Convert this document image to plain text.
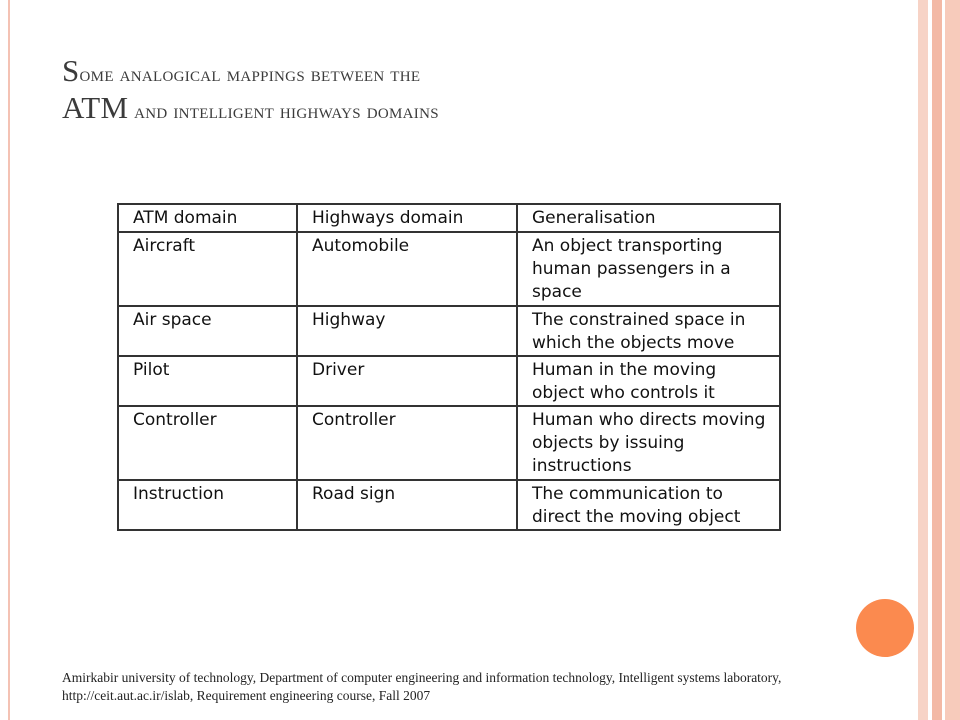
Some analogical mappings between the
ATM and intelligent highways domains
ATM domain	Highways domain	Generalisation
Aircraft	Automobile	An object transporting human passengers in a space
Air space	Highway	The constrained space in which the objects move
Pilot	Driver	Human in the moving object who controls it
Controller	Controller	Human who directs moving objects by issuing instructions
Instruction	Road sign	The communication to direct the moving object

Amirkabir university of technology, Department of computer engineering and information technology, Intelligent systems laboratory, http://ceit.aut.ac.ir/islab, Requirement engineering course, Fall 2007
